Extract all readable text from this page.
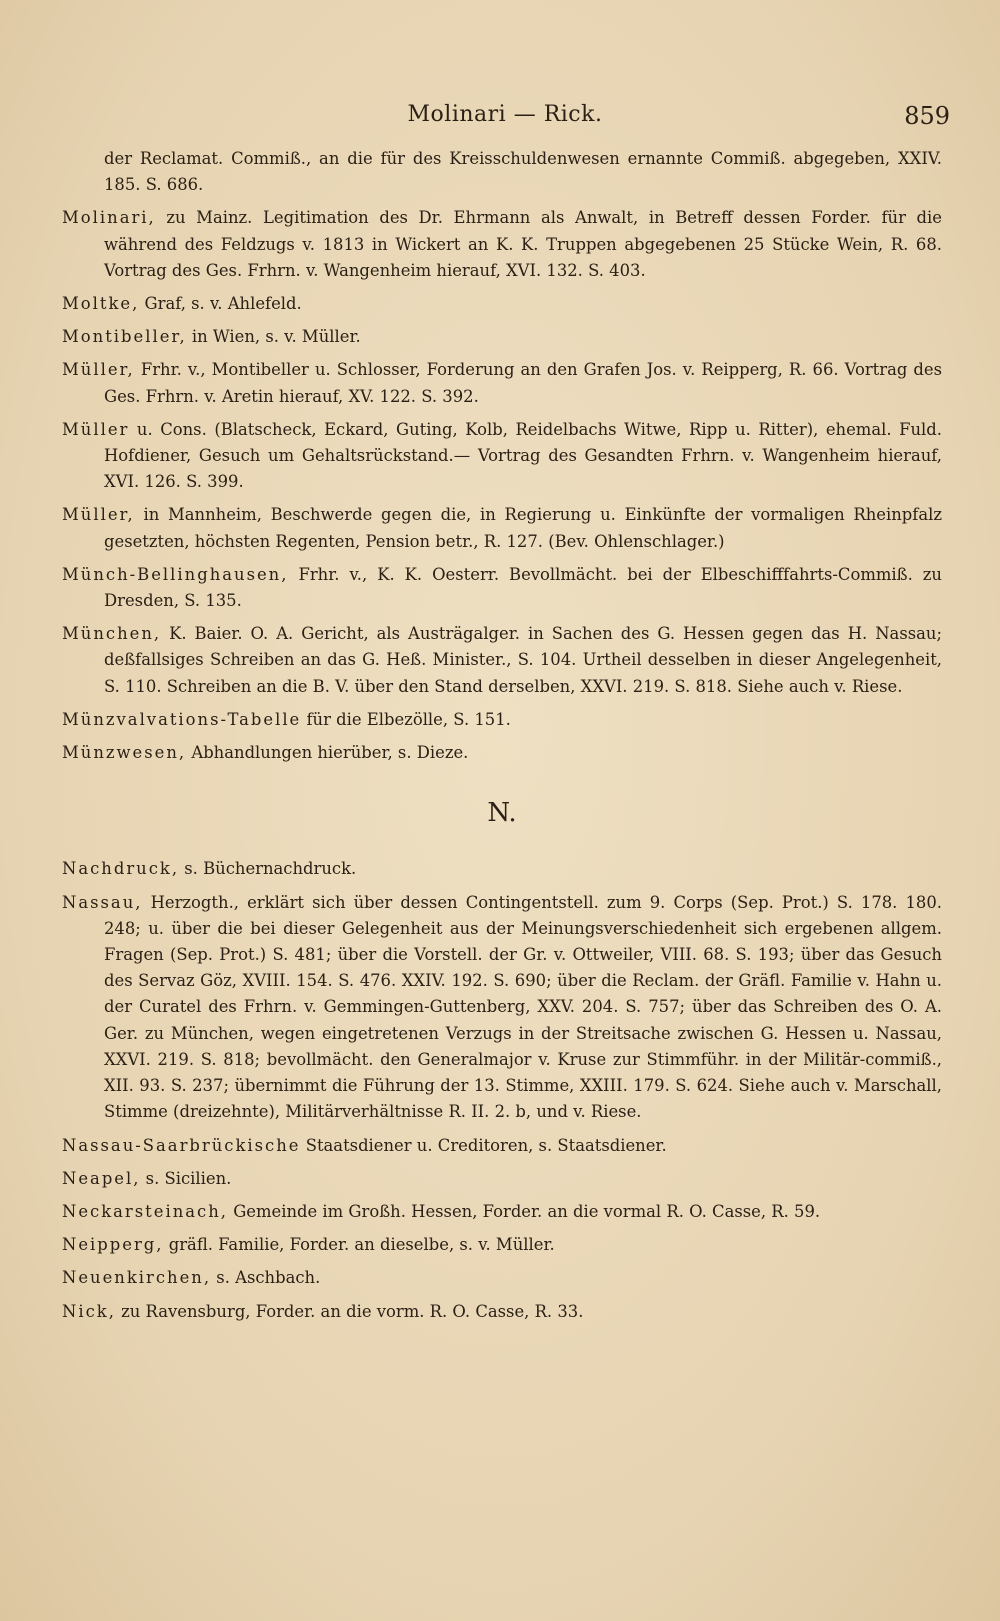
Molinari — Rick.	859

der Reclamat. Commiß., an die für des Kreisschuldenwesen ernannte Commiß. abgegeben, XXIV. 185. S. 686.

Molinari, zu Mainz. Legitimation des Dr. Ehrmann als Anwalt, in Betreff dessen Forder. für die während des Feldzugs v. 1813 in Wickert an K. K. Truppen abgegebenen 25 Stücke Wein, R. 68. Vortrag des Ges. Frhrn. v. Wangenheim hierauf, XVI. 132. S. 403.

Moltke, Graf, s. v. Ahlefeld.

Montibeller, in Wien, s. v. Müller.

Müller, Frhr. v., Montibeller u. Schlosser, Forderung an den Grafen Jos. v. Reipperg, R. 66. Vortrag des Ges. Frhrn. v. Aretin hierauf, XV. 122. S. 392.

Müller u. Cons. (Blatscheck, Eckard, Guting, Kolb, Reidelbachs Witwe, Ripp u. Ritter), ehemal. Fuld. Hofdiener, Gesuch um Gehaltsrückstand.— Vortrag des Gesandten Frhrn. v. Wangenheim hierauf, XVI. 126. S. 399.

Müller, in Mannheim, Beschwerde gegen die, in Regierung u. Einkünfte der vormaligen Rheinpfalz gesetzten, höchsten Regenten, Pension betr., R. 127. (Bev. Ohlenschlager.)

Münch-Bellinghausen, Frhr. v., K. K. Oesterr. Bevollmächt. bei der Elbeschifffahrts-Commiß. zu Dresden, S. 135.

München, K. Baier. O. A. Gericht, als Austrägalger. in Sachen des G. Hessen gegen das H. Nassau; deßfallsiges Schreiben an das G. Heß. Minister., S. 104. Urtheil desselben in dieser Angelegenheit, S. 110. Schreiben an die B. V. über den Stand derselben, XXVI. 219. S. 818. Siehe auch v. Riese.

Münzvalvations-Tabelle für die Elbezölle, S. 151.

Münzwesen, Abhandlungen hierüber, s. Dieze.

N.

Nachdruck, s. Büchernachdruck.

Nassau, Herzogth., erklärt sich über dessen Contingentstell. zum 9. Corps (Sep. Prot.) S. 178. 180. 248; u. über die bei dieser Gelegenheit aus der Meinungsverschiedenheit sich ergebenen allgem. Fragen (Sep. Prot.) S. 481; über die Vorstell. der Gr. v. Ottweiler, VIII. 68. S. 193; über das Gesuch des Servaz Göz, XVIII. 154. S. 476. XXIV. 192. S. 690; über die Reclam. der Gräfl. Familie v. Hahn u. der Curatel des Frhrn. v. Gemmingen-Guttenberg, XXV. 204. S. 757; über das Schreiben des O. A. Ger. zu München, wegen eingetretenen Verzugs in der Streitsache zwischen G. Hessen u. Nassau, XXVI. 219. S. 818; bevollmächt. den Generalmajor v. Kruse zur Stimmführ. in der Militär-commiß., XII. 93. S. 237; übernimmt die Führung der 13. Stimme, XXIII. 179. S. 624. Siehe auch v. Marschall, Stimme (dreizehnte), Militärverhältnisse R. II. 2. b, und v. Riese.

Nassau-Saarbrückische Staatsdiener u. Creditoren, s. Staatsdiener.

Neapel, s. Sicilien.

Neckarsteinach, Gemeinde im Großh. Hessen, Forder. an die vormal R. O. Casse, R. 59.

Neipperg, gräfl. Familie, Forder. an dieselbe, s. v. Müller.

Neuenkirchen, s. Aschbach.

Nick, zu Ravensburg, Forder. an die vorm. R. O. Casse, R. 33.
